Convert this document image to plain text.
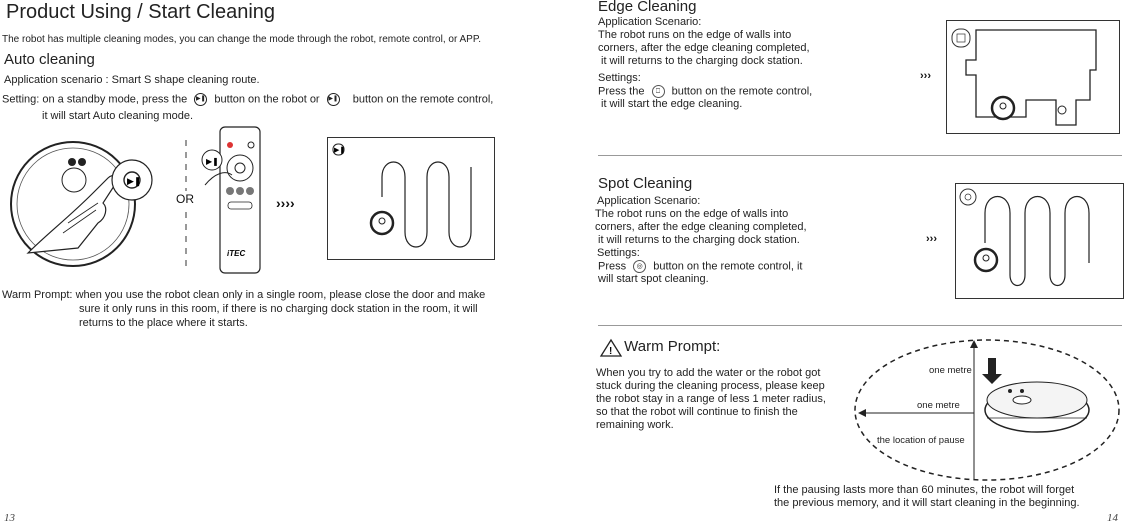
Product Using / Start Cleaning
The robot has multiple cleaning modes, you can change the mode through the robot, remote control, or APP.
Auto cleaning
Application scenario : Smart S shape cleaning route.
Setting: on a standby mode, press the ▶❚ button on the robot or ▶❚ button on the remote control,
it will start Auto cleaning mode.
▶❚
OR
▶❚
iTEC
››››
▶❚
Warm Prompt: when you use the robot clean only in a single room, please close the door and make
sure it only runs in this room, if there is no charging dock station in the room, it will
returns to the place where it starts.
13
Edge Cleaning
Application Scenario:
The robot runs on the edge of walls into
corners, after the edge cleaning completed,
it will returns to the charging dock station.
Settings:
Press the ⎕ button on the remote control,
it will start the edge cleaning.
›››
Spot Cleaning
Application Scenario:
The robot runs on the edge of walls into
corners, after the edge cleaning completed,
it will returns to the charging dock station.
Settings:
Press ◎ button on the remote control, it
will start spot cleaning.
›››
Warm Prompt:
!
When you try to add the water or the robot got
stuck during the cleaning process, please keep
the robot stay in a range of less 1 meter radius,
so that the robot will continue to finish the
remaining work.
one metre
one metre
the location of pause
If the pausing lasts more than 60 minutes, the robot will forget
the previous memory, and it will start cleaning in the beginning.
14
